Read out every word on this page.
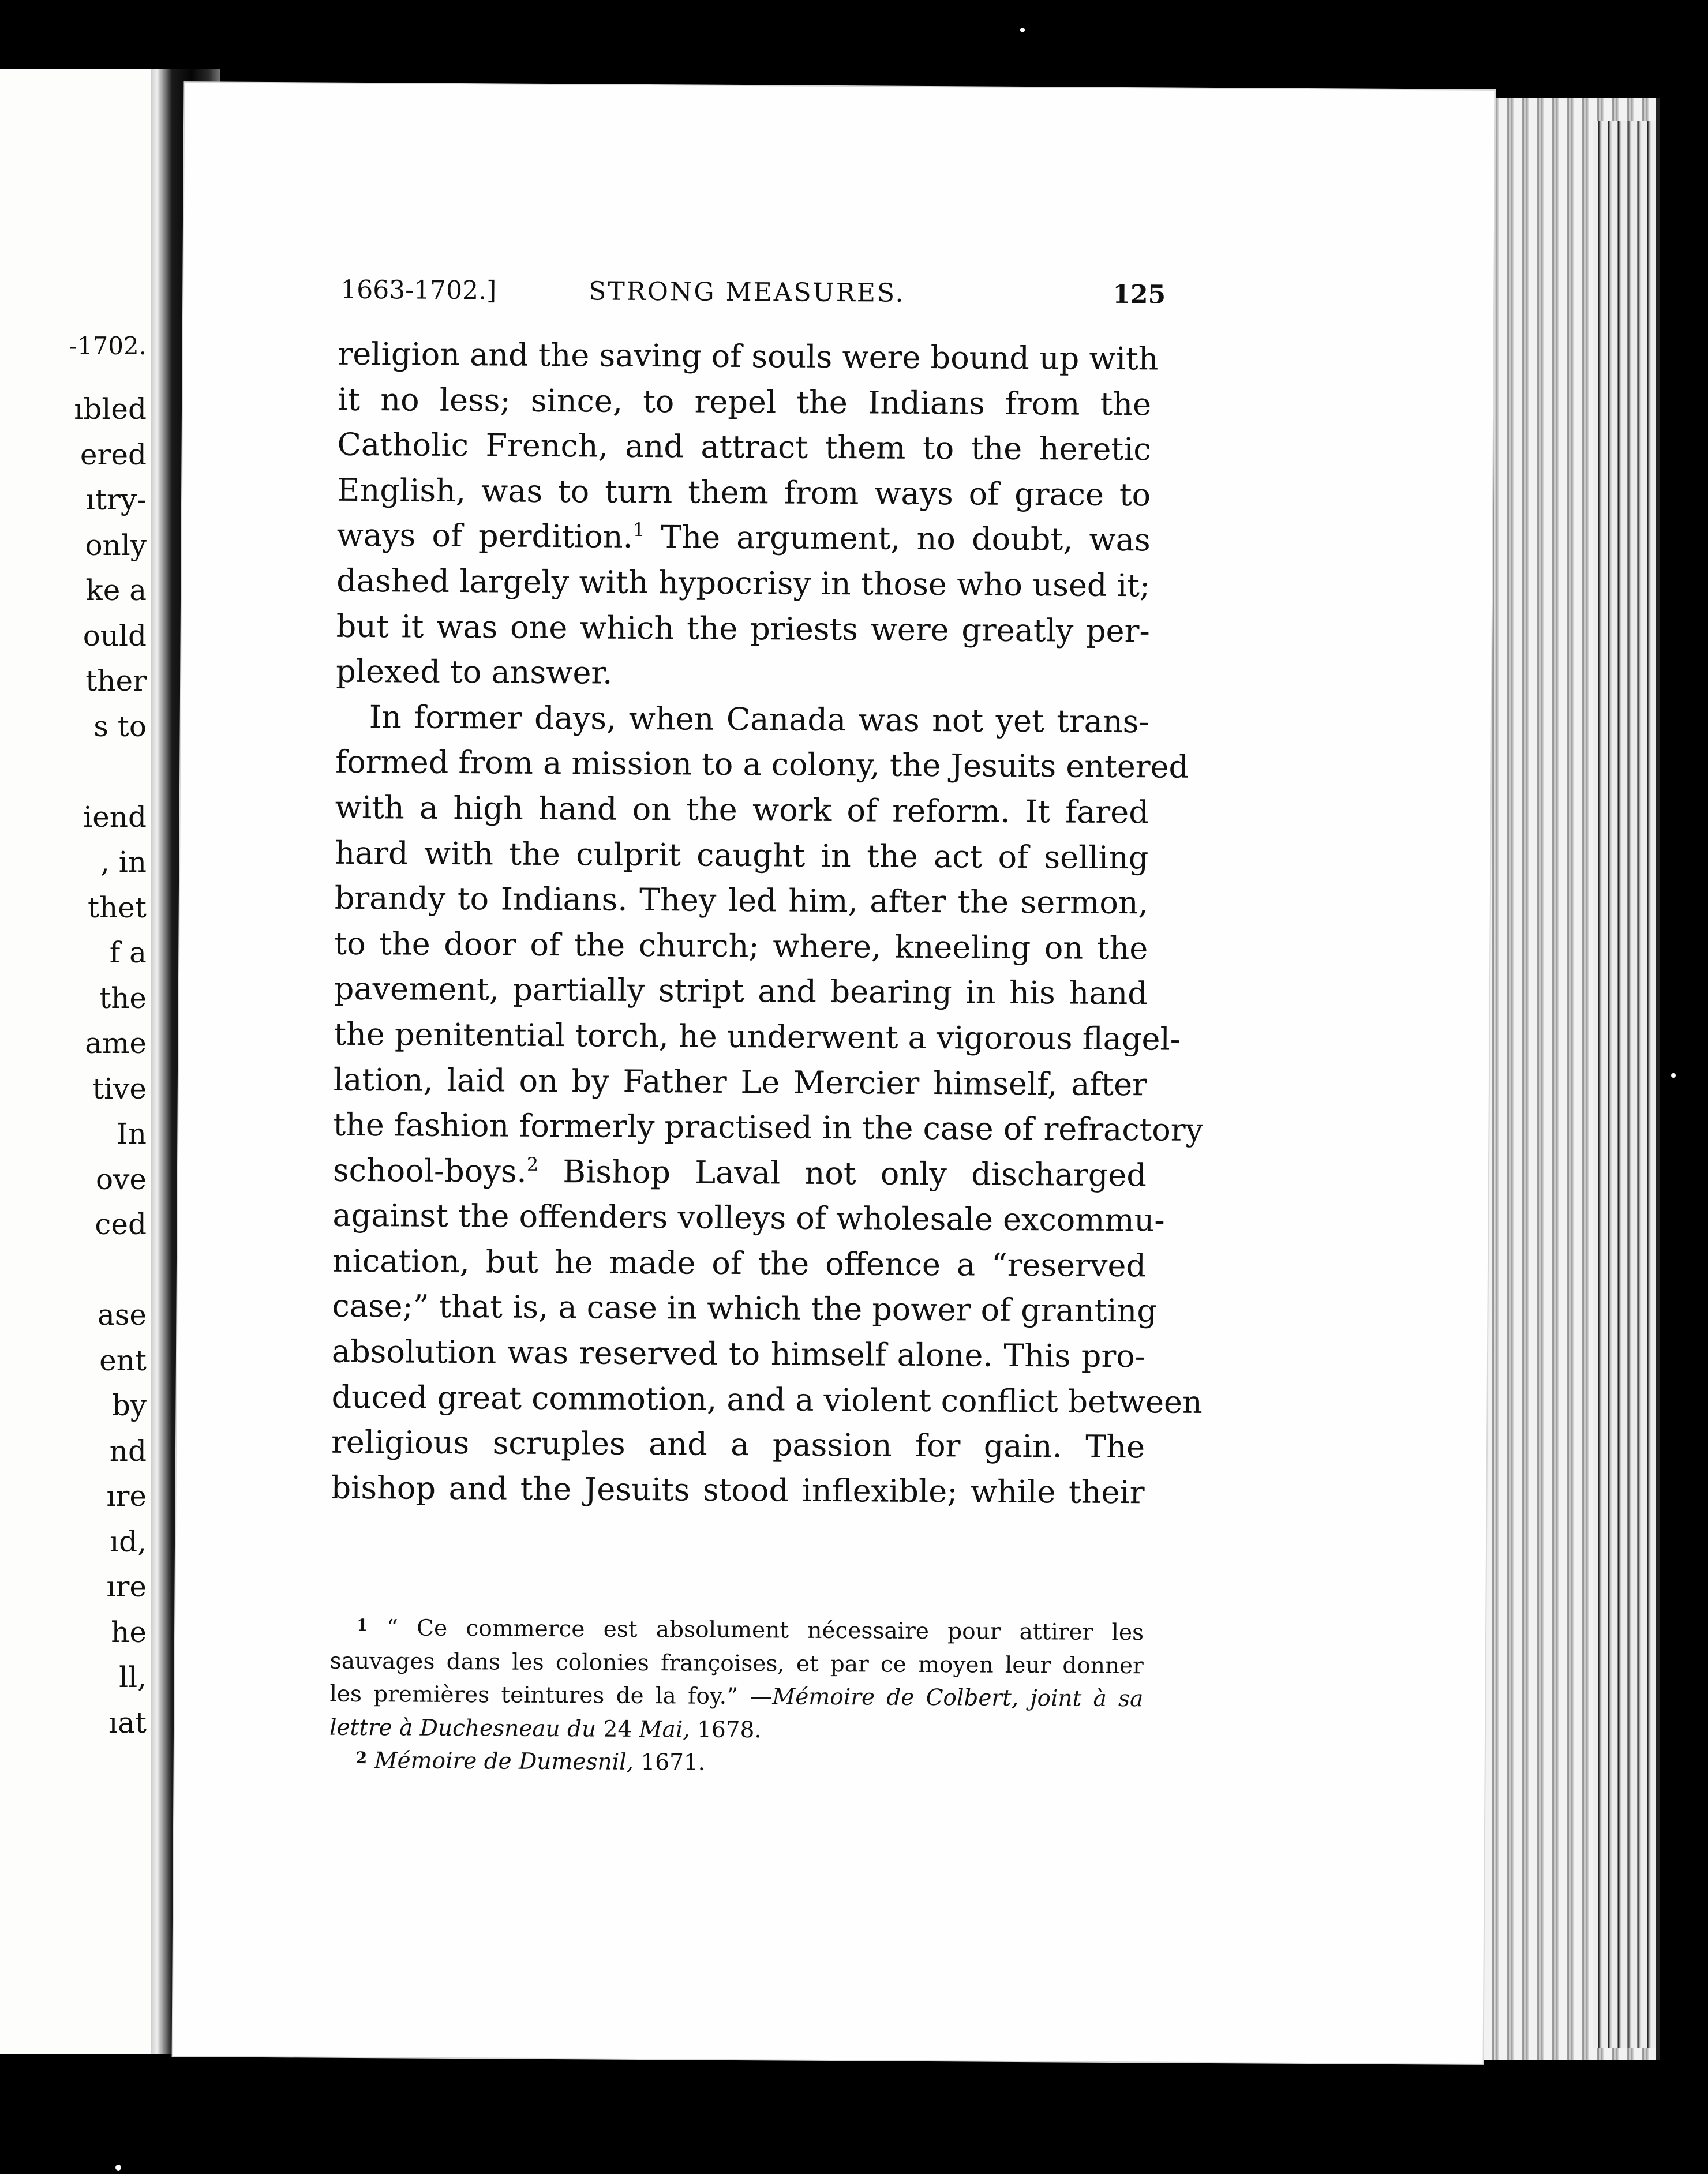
-1702.
ıbled
ered
ıtry-
only
ke a
ould
ther
s to
iend
, in
thet
f a
the
ame
tive
In
ove
ced
ase
ent
by
nd
ıre
ıd,
ıre
he
ll,
ıat
1663-1702.]	STRONG MEASURES.	125
religion and the saving of souls were bound up with
it no less; since, to repel the Indians from the
Catholic French, and attract them to the heretic
English, was to turn them from ways of grace to
ways of perdition.$^1$ The argument, no doubt, was
dashed largely with hypocrisy in those who used it;
but it was one which the priests were greatly per-
plexed to answer.
In former days, when Canada was not yet trans-
formed from a mission to a colony, the Jesuits entered
with a high hand on the work of reform. It fared
hard with the culprit caught in the act of selling
brandy to Indians. They led him, after the sermon,
to the door of the church; where, kneeling on the
pavement, partially stript and bearing in his hand
the penitential torch, he underwent a vigorous flagel-
lation, laid on by Father Le Mercier himself, after
the fashion formerly practised in the case of refractory
school-boys.$^2$ Bishop Laval not only discharged
against the offenders volleys of wholesale excommu-
nication, but he made of the offence a “reserved
case;” that is, a case in which the power of granting
absolution was reserved to himself alone. This pro-
duced great commotion, and a violent conflict between
religious scruples and a passion for gain. The
bishop and the Jesuits stood inflexible; while their
$^1$ “ Ce commerce est absolument nécessaire pour attirer les
sauvages dans les colonies françoises, et par ce moyen leur donner
les premières teintures de la foy.” —Mémoire de Colbert, joint à sa
lettre à Duchesneau du 24 Mai, 1678.
$^2$ Mémoire de Dumesnil, 1671.
